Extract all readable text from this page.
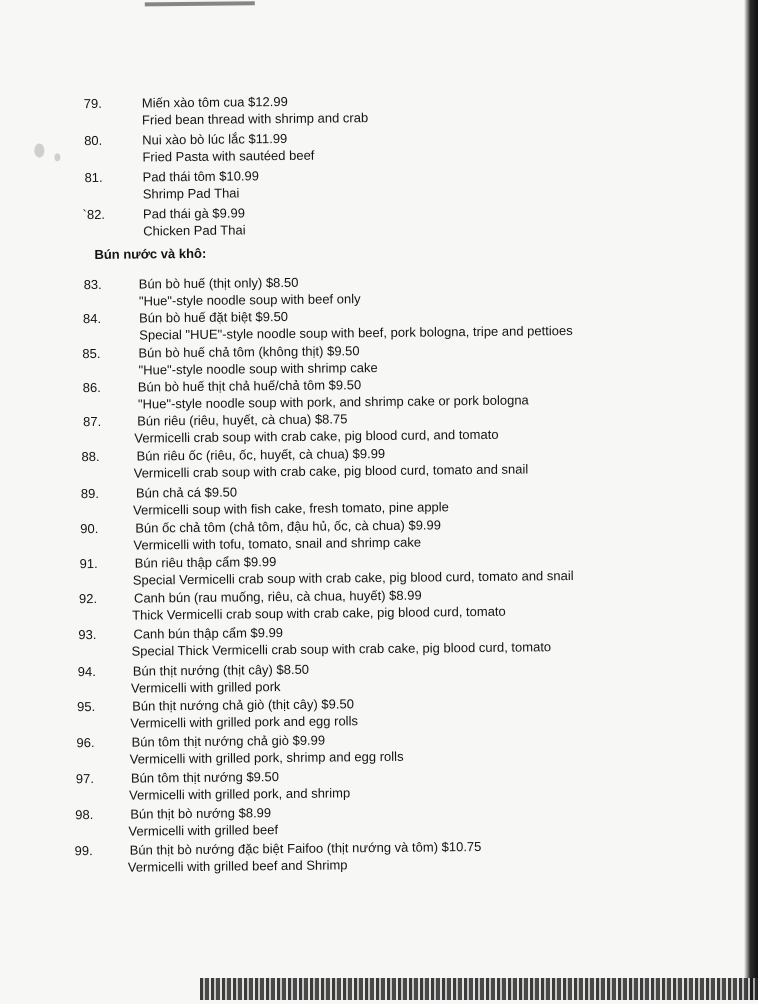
79.	Miến xào tôm cua $12.99
Fried bean thread with shrimp and crab
80.	Nui xào bò lúc lắc $11.99
Fried Pasta with sautéed beef
81.	Pad thái tôm $10.99
Shrimp Pad Thai
`82.	Pad thái gà $9.99
Chicken Pad Thai
Bún nước và khô:
83.	Bún bò huế (thịt only) $8.50
"Hue"-style noodle soup with beef only
84.	Bún bò huế đặt biệt $9.50
Special "HUE"-style noodle soup with beef, pork bologna, tripe and pettioes
85.	Bún bò huế chả tôm (không thịt) $9.50
"Hue"-style noodle soup with shrimp cake
86.	Bún bò huế thịt chả huế/chả tôm $9.50
"Hue"-style noodle soup with pork, and shrimp cake or pork bologna
87.	Bún riêu (riêu, huyết, cà chua) $8.75
Vermicelli crab soup with crab cake, pig blood curd, and tomato
88.	Bún riêu ốc (riêu, ốc, huyết, cà chua) $9.99
Vermicelli crab soup with crab cake, pig blood curd, tomato and snail
89.	Bún chả cá $9.50
Vermicelli soup with fish cake, fresh tomato, pine apple
90.	Bún ốc chả tôm (chả tôm, đậu hủ, ốc, cà chua) $9.99
Vermicelli with tofu, tomato, snail and shrimp cake
91.	Bún riêu thập cẩm $9.99
Special Vermicelli crab soup with crab cake, pig blood curd, tomato and snail
92.	Canh bún (rau muống, riêu, cà chua, huyết) $8.99
Thick Vermicelli crab soup with crab cake, pig blood curd, tomato
93.	Canh bún thập cẩm $9.99
Special Thick Vermicelli crab soup with crab cake, pig blood curd, tomato
94.	Bún thịt nướng (thịt cây) $8.50
Vermicelli with grilled pork
95.	Bún thịt nướng chả giò (thịt cây) $9.50
Vermicelli with grilled pork and egg rolls
96.	Bún tôm thịt nướng chả giò $9.99
Vermicelli with grilled pork, shrimp and egg rolls
97.	Bún tôm thịt nướng $9.50
Vermicelli with grilled pork, and shrimp
98.	Bún thịt bò nướng $8.99
Vermicelli with grilled beef
99.	Bún thịt bò nướng đặc biệt Faifoo (thịt nướng và tôm) $10.75
Vermicelli with grilled beef and Shrimp
